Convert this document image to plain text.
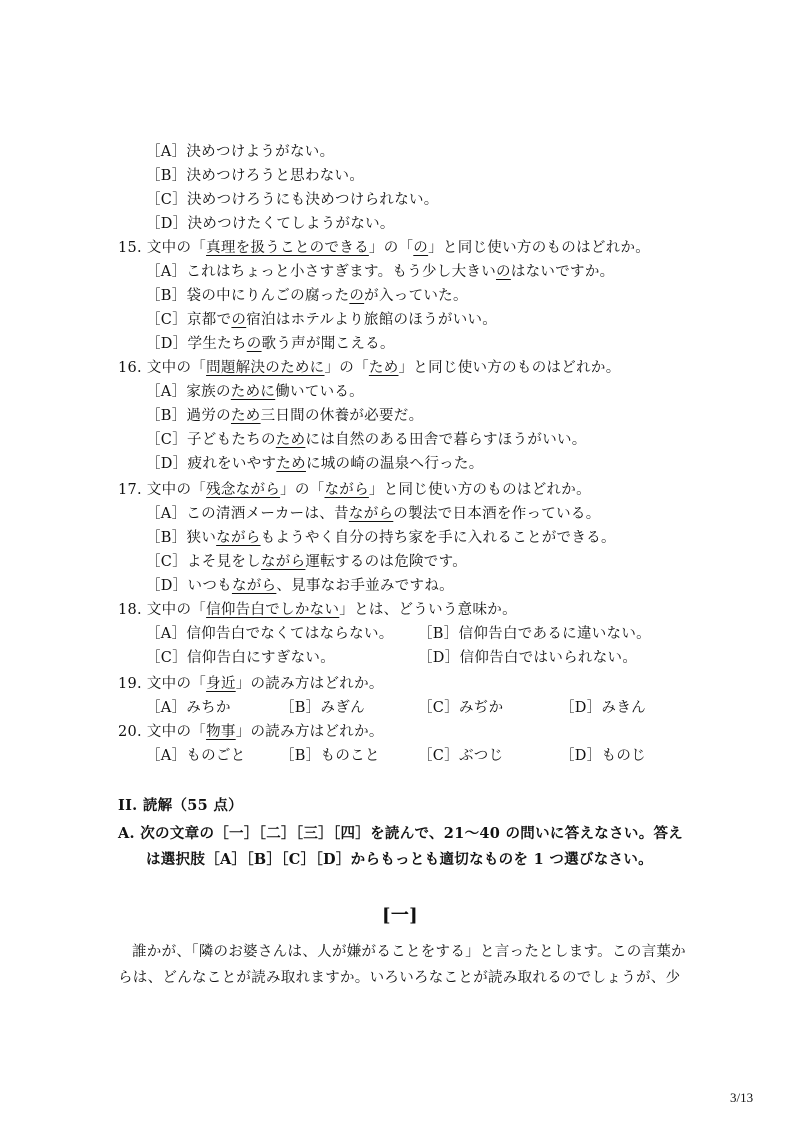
［A］決めつけようがない。
［B］決めつけろうと思わない。
［C］決めつけろうにも決めつけられない。
［D］決めつけたくてしようがない。
15. 文中の「真理を扱うことのできる」の「の」と同じ使い方のものはどれか。
［A］これはちょっと小さすぎます。もう少し大きいのはないですか。
［B］袋の中にりんごの腐ったのが入っていた。
［C］京都での宿泊はホテルより旅館のほうがいい。
［D］学生たちの歌う声が聞こえる。
16. 文中の「問題解決のために」の「ため」と同じ使い方のものはどれか。
［A］家族のために働いている。
［B］過労のため三日間の休養が必要だ。
［C］子どもたちのためには自然のある田舎で暮らすほうがいい。
［D］疲れをいやすために城の崎の温泉へ行った。
17. 文中の「残念ながら」の「ながら」と同じ使い方のものはどれか。
［A］この清酒メーカーは、昔ながらの製法で日本酒を作っている。
［B］狭いながらもようやく自分の持ち家を手に入れることができる。
［C］よそ見をしながら運転するのは危険です。
［D］いつもながら、見事なお手並みですね。
18. 文中の「信仰告白でしかない」とは、どういう意味か。
［A］信仰告白でなくてはならない。 ［B］信仰告白であるに違いない。
［C］信仰告白にすぎない。	［D］信仰告白ではいられない。
19. 文中の「身近」の読み方はどれか。
［A］みちか	［B］みぎん	［C］みぢか	［D］みきん
20. 文中の「物事」の読み方はどれか。
［A］ものごと ［B］ものこと	［C］ぶつじ	［D］ものじ
II. 読解（55 点）
A. 次の文章の［一］［二］［三］［四］を読んで、21～40 の問いに答えなさい。答え
は選択肢［A］［B］［C］［D］からもっとも適切なものを 1 つ選びなさい。
[一]
誰かが、「隣のお婆さんは、人が嫌がることをする」と言ったとします。この言葉か
らは、どんなことが読み取れますか。いろいろなことが読み取れるのでしょうが、少
3/13
